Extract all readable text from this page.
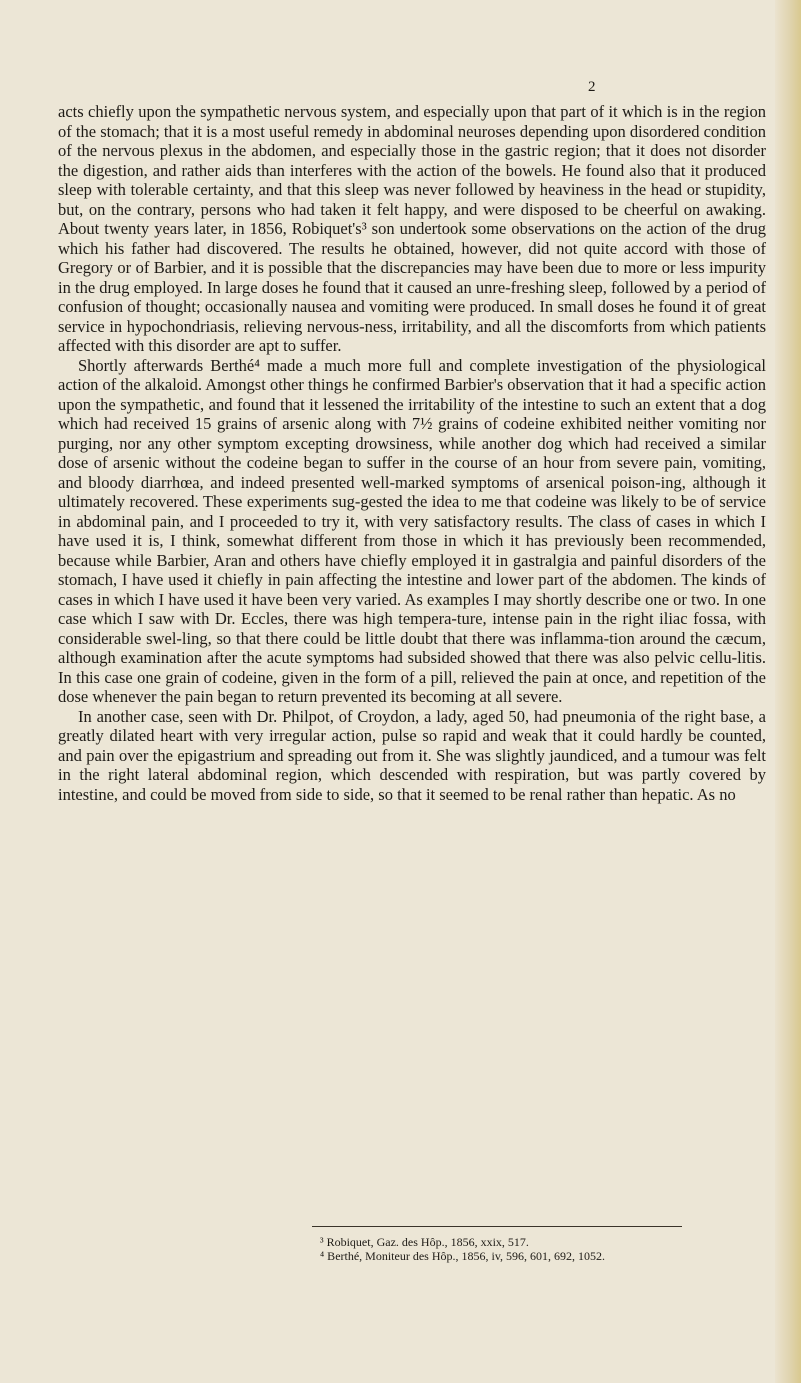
2

acts chiefly upon the sympathetic nervous system, and especially upon that part of it which is in the region of the stomach; that it is a most useful remedy in abdominal neuroses depending upon disordered condition of the nervous plexus in the abdomen, and especially those in the gastric region; that it does not disorder the digestion, and rather aids than interferes with the action of the bowels. He found also that it produced sleep with tolerable certainty, and that this sleep was never followed by heaviness in the head or stupidity, but, on the contrary, persons who had taken it felt happy, and were disposed to be cheerful on awaking. About twenty years later, in 1856, Robiquet's³ son undertook some observations on the action of the drug which his father had discovered. The results he obtained, however, did not quite accord with those of Gregory or of Barbier, and it is possible that the discrepancies may have been due to more or less impurity in the drug employed. In large doses he found that it caused an unre-freshing sleep, followed by a period of confusion of thought; occasionally nausea and vomiting were produced. In small doses he found it of great service in hypochondriasis, relieving nervous-ness, irritability, and all the discomforts from which patients affected with this disorder are apt to suffer.

Shortly afterwards Berthé⁴ made a much more full and complete investigation of the physiological action of the alkaloid. Amongst other things he confirmed Barbier's observation that it had a specific action upon the sympathetic, and found that it lessened the irritability of the intestine to such an extent that a dog which had received 15 grains of arsenic along with 7½ grains of codeine exhibited neither vomiting nor purging, nor any other symptom excepting drowsiness, while another dog which had received a similar dose of arsenic without the codeine began to suffer in the course of an hour from severe pain, vomiting, and bloody diarrhœa, and indeed presented well-marked symptoms of arsenical poison-ing, although it ultimately recovered. These experiments sug-gested the idea to me that codeine was likely to be of service in abdominal pain, and I proceeded to try it, with very satisfactory results. The class of cases in which I have used it is, I think, somewhat different from those in which it has previously been recommended, because while Barbier, Aran and others have chiefly employed it in gastralgia and painful disorders of the stomach, I have used it chiefly in pain affecting the intestine and lower part of the abdomen. The kinds of cases in which I have used it have been very varied. As examples I may shortly describe one or two. In one case which I saw with Dr. Eccles, there was high tempera-ture, intense pain in the right iliac fossa, with considerable swel-ling, so that there could be little doubt that there was inflamma-tion around the cæcum, although examination after the acute symptoms had subsided showed that there was also pelvic cellu-litis. In this case one grain of codeine, given in the form of a pill, relieved the pain at once, and repetition of the dose whenever the pain began to return prevented its becoming at all severe.

In another case, seen with Dr. Philpot, of Croydon, a lady, aged 50, had pneumonia of the right base, a greatly dilated heart with very irregular action, pulse so rapid and weak that it could hardly be counted, and pain over the epigastrium and spreading out from it. She was slightly jaundiced, and a tumour was felt in the right lateral abdominal region, which descended with respiration, but was partly covered by intestine, and could be moved from side to side, so that it seemed to be renal rather than hepatic. As no

³ Robiquet, Gaz. des Hôp., 1856, xxix, 517.
⁴ Berthé, Moniteur des Hôp., 1856, iv, 596, 601, 692, 1052.
